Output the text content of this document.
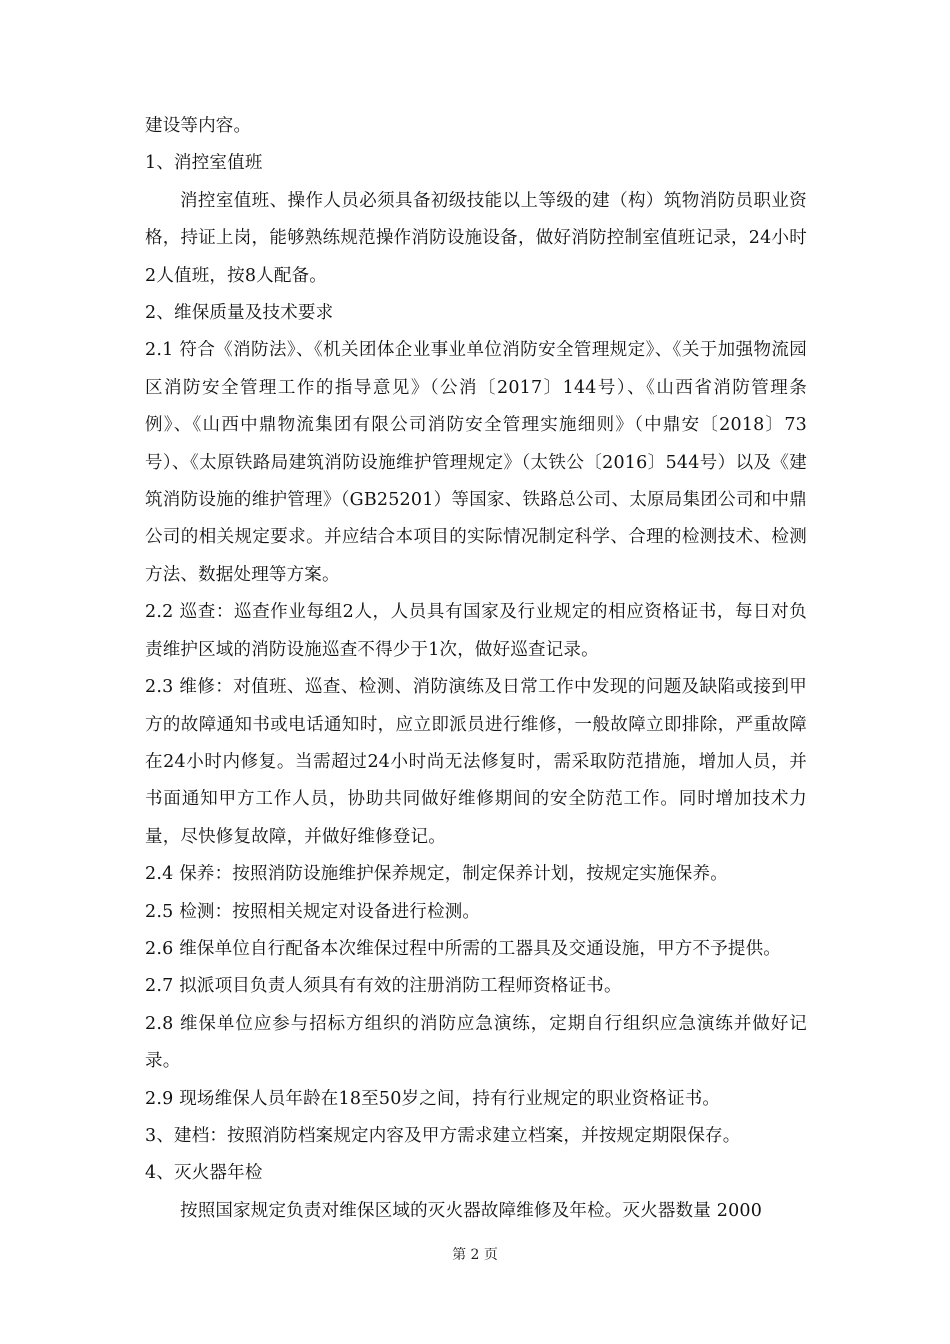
建设等内容。

1、消控室值班

消控室值班、操作人员必须具备初级技能以上等级的建（构）筑物消防员职业资格，持证上岗，能够熟练规范操作消防设施设备，做好消防控制室值班记录，24小时2人值班，按8人配备。

2、维保质量及技术要求

2.1 符合《消防法》、《机关团体企业事业单位消防安全管理规定》、《关于加强物流园区消防安全管理工作的指导意见》（公消〔2017〕144号）、《山西省消防管理条例》、《山西中鼎物流集团有限公司消防安全管理实施细则》（中鼎安〔2018〕73号）、《太原铁路局建筑消防设施维护管理规定》（太铁公〔2016〕544号）以及《建筑消防设施的维护管理》（GB25201）等国家、铁路总公司、太原局集团公司和中鼎公司的相关规定要求。并应结合本项目的实际情况制定科学、合理的检测技术、检测方法、数据处理等方案。

2.2 巡查：巡查作业每组2人，人员具有国家及行业规定的相应资格证书，每日对负责维护区域的消防设施巡查不得少于1次，做好巡查记录。

2.3 维修：对值班、巡查、检测、消防演练及日常工作中发现的问题及缺陷或接到甲方的故障通知书或电话通知时，应立即派员进行维修，一般故障立即排除，严重故障在24小时内修复。当需超过24小时尚无法修复时，需采取防范措施，增加人员，并书面通知甲方工作人员，协助共同做好维修期间的安全防范工作。同时增加技术力量，尽快修复故障，并做好维修登记。

2.4 保养：按照消防设施维护保养规定，制定保养计划，按规定实施保养。

2.5 检测：按照相关规定对设备进行检测。

2.6 维保单位自行配备本次维保过程中所需的工器具及交通设施，甲方不予提供。

2.7 拟派项目负责人须具有有效的注册消防工程师资格证书。

2.8 维保单位应参与招标方组织的消防应急演练，定期自行组织应急演练并做好记录。

2.9 现场维保人员年龄在18至50岁之间，持有行业规定的职业资格证书。

3、建档：按照消防档案规定内容及甲方需求建立档案，并按规定期限保存。

4、灭火器年检

按照国家规定负责对维保区域的灭火器故障维修及年检。灭火器数量 2000

第 2 页
